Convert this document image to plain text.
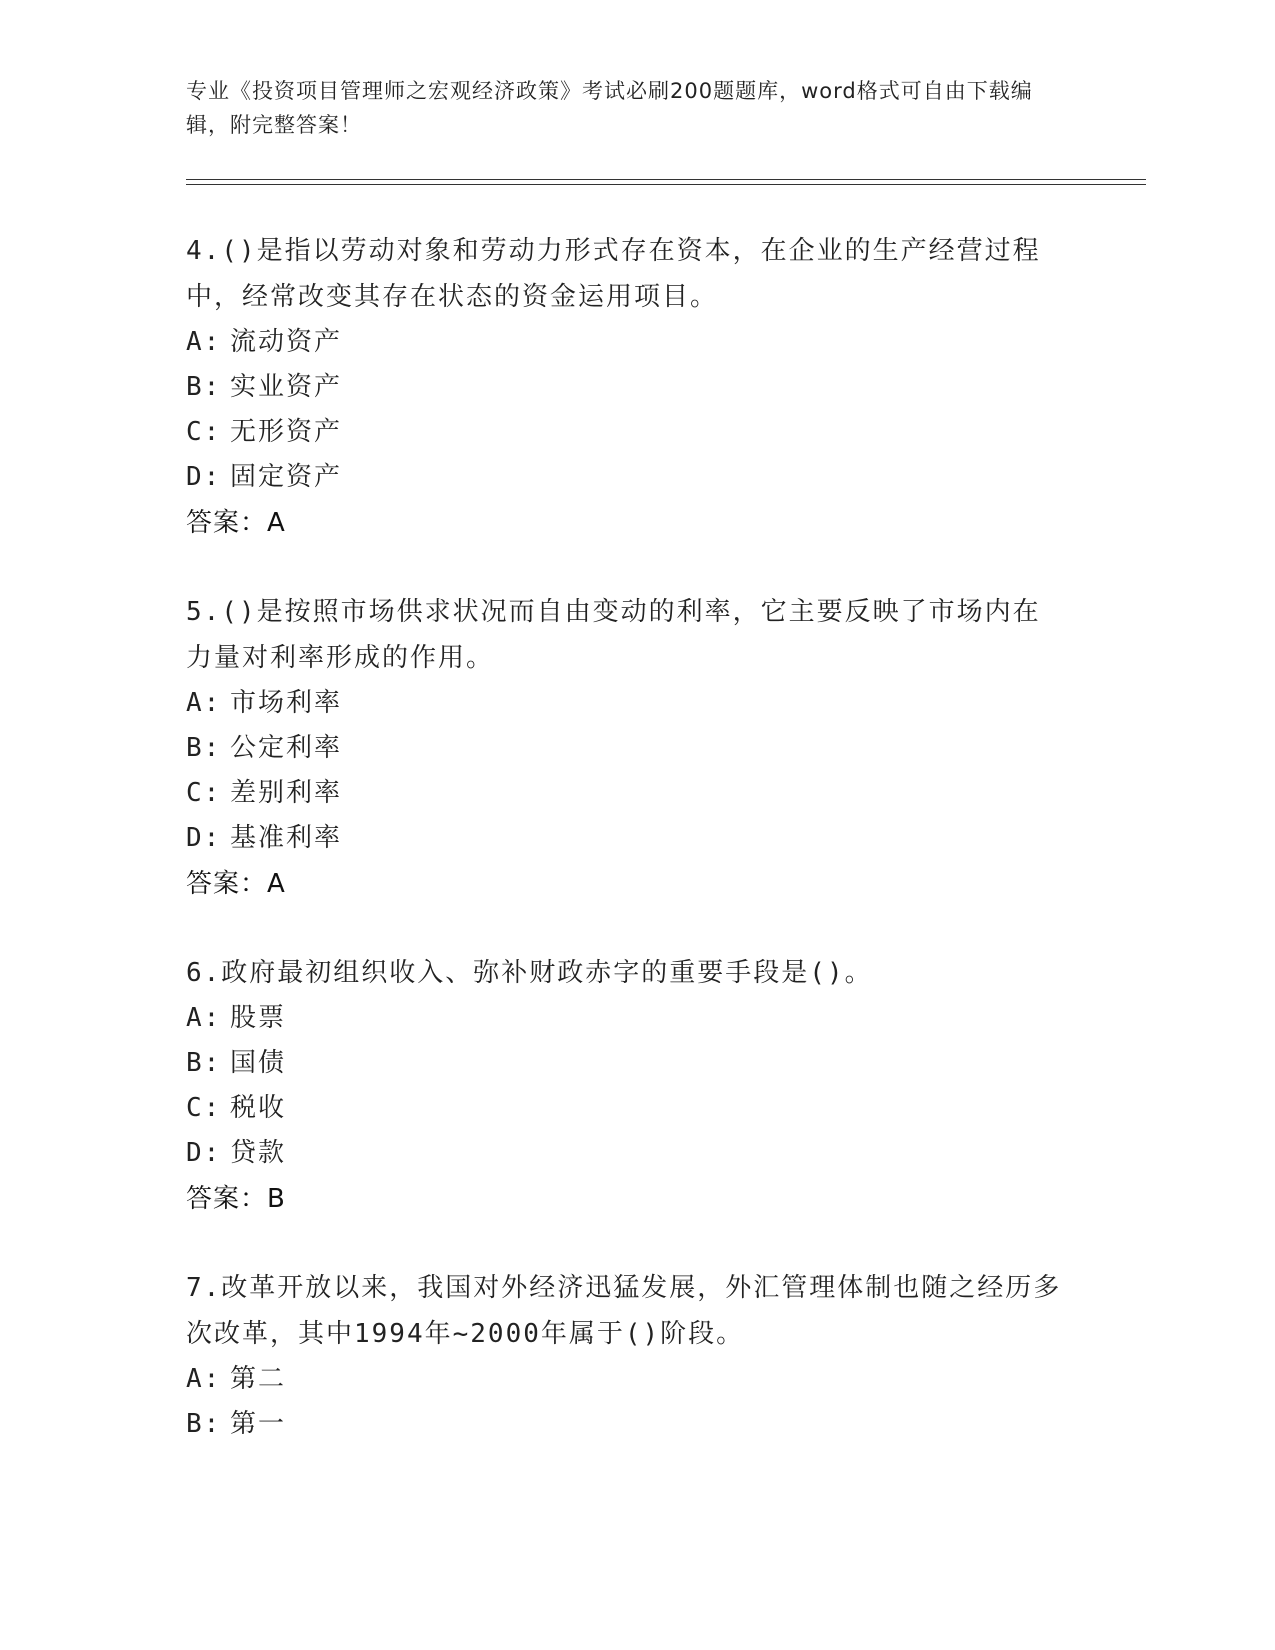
专业《投资项目管理师之宏观经济政策》考试必刷200题题库，word格式可自由下载编辑，附完整答案！

4.()是指以劳动对象和劳动力形式存在资本，在企业的生产经营过程中，经常改变其存在状态的资金运用项目。

A: 流动资产
B: 实业资产
C: 无形资产
D: 固定资产
答案：A

5.()是按照市场供求状况而自由变动的利率，它主要反映了市场内在力量对利率形成的作用。

A: 市场利率
B: 公定利率
C: 差别利率
D: 基准利率
答案：A

6.政府最初组织收入、弥补财政赤字的重要手段是()。

A: 股票
B: 国债
C: 税收
D: 贷款
答案：B

7.改革开放以来，我国对外经济迅猛发展，外汇管理体制也随之经历多次改革，其中1994年~2000年属于()阶段。

A: 第二
B: 第一
